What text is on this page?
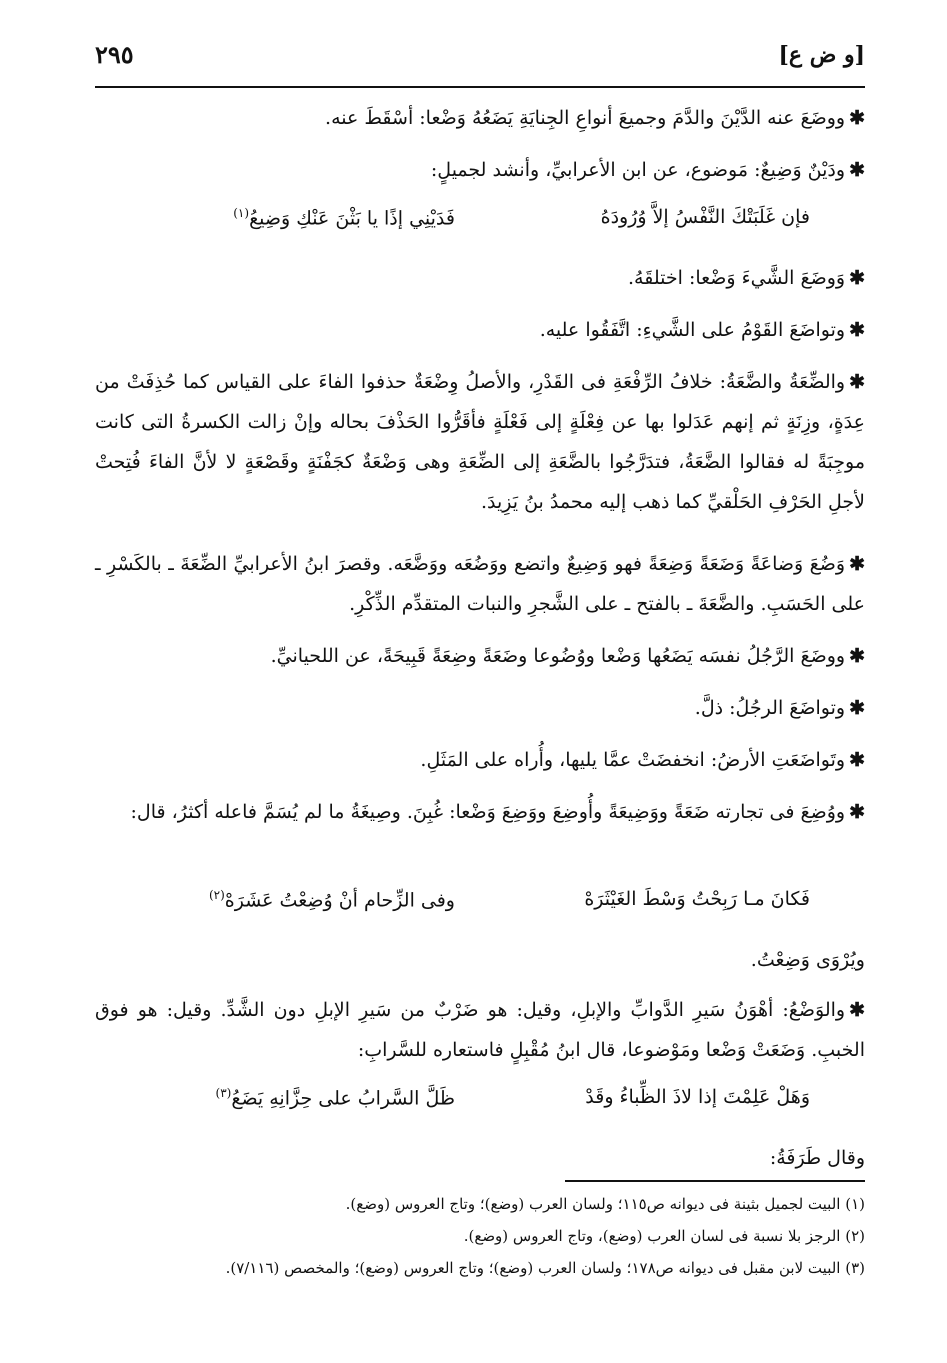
[و ض ع]
٢٩٥

✱ووضَعَ عنه الدَّيْنَ والدَّمَ وجميعَ أنواعِ الجِنايَةِ يَضَعُهُ وَضْعا: أسْقَطَ عنه.

✱ودَيْنٌ وَضِيعٌ: مَوضوع، عن ابن الأعرابيِّ، وأنشد لجميلٍ:

فإن غَلَبَتْكَ النَّفْسُ إلاَّ وُرُودَهُ
فَدَيْنِي إذًا يا بَثْنَ عَنْكِ وَضِيعُ$^{(١)}$

✱وَوضَعَ الشَّيءَ وَضْعا: اختلقَهُ.

✱وتواضَعَ القَوْمُ على الشَّيءِ: اتَّفَقُوا عليه.

✱والضِّعَةُ والضَّعَةُ: خلافُ الرِّفْعَةِ فى القَدْرِ، والأصلُ وِضْعَةٌ حذفوا الفاءَ على القياس كما حُذِفَتْ من عِدَةٍ، وزِنَةٍ ثم إنهم عَدَلوا بها عن فِعْلَةٍ إلى فَعْلَةٍ فأقَرُّوا الحَذْفَ بحاله وإنْ زالت الكسرةُ التى كانت موجِبَةً له فقالوا الضَّعَةُ، فتدَرَّجُوا بالضَّعَةِ إلى الضِّعَةِ وهى وَضْعَةٌ كجَفْنَةٍ وقَصْعَةٍ لا لأنَّ الفاءَ فُتِحتْ لأجلِ الحَرْفِ الحَلْقيِّ كما ذهب إليه محمدُ بنُ يَزِيدَ.

✱وَضُعَ وَضاعَةً وَضَعَةً وَضِعَةً فهو وَضِيعٌ واتضع ووَضُعَه ووَضَّعَه. وقصرَ ابنُ الأعرابيِّ الضِّعَةَ ـ بالكَسْرِ ـ على الحَسَبِ. والضَّعَةَ ـ بالفتح ـ على الشَّجرِ والنبات المتقدِّم الذِّكْرِ.

✱ووضَعَ الرَّجُلُ نفسَه يَضَعُها وَضْعا ووُضُوعا وضَعَةً وضِعَةً قَبِيحَةً، عن اللحيانيِّ.

✱وتواضَعَ الرجُلُ: ذلَّ.

✱وتَواضَعَتِ الأرضُ: انخفضَتْ عمَّا يليها، وأُراه على المَثَلِ.

✱ووُضِعَ فى تجارته ضَعَةً ووَضِيعَةً وأُوضِعَ ووَضِعَ وَضْعا: غُبِنَ. وصِيغَةُ ما لم يُسَمَّ فاعله أكثرُ، قال:

فَكانَ مـا رَبِحْتُ وَسْطَ الغَيْثَرَهْ
وفى الزِّحام أنْ وُضِعْتُ عَشَرَهْ$^{(٢)}$
ويُرْوَى وَضِعْتُ.

✱والوَضْعُ: أهْوَنُ سَيرِ الدَّوابِّ والإبلِ، وقيل: هو ضَرْبٌ من سَيرِ الإبلِ دون الشَّدِّ. وقيل: هو فوق الخببِ. وَضَعَتْ وَضْعا ومَوْضوعا، قال ابنُ مُقْبِلٍ فاستعاره للسَّرابِ:

وَهَلْ عَلِمْتَ إذا لاذَ الظِّباءُ وقَدْ
ظَلَّ السَّرابُ على حِزَّانِهِ يَضَعُ$^{(٣)}$
وقال طَرَفَةُ:

(١) البيت لجميل بثينة فى ديوانه ص١١٥؛ ولسان العرب (وضع)؛ وتاج العروس (وضع).

(٢) الرجز بلا نسبة فى لسان العرب (وضع)، وتاج العروس (وضع).

(٣) البيت لابن مقبل فى ديوانه ص١٧٨؛ ولسان العرب (وضع)؛ وتاج العروس (وضع)؛ والمخصص (٧/١١٦).
